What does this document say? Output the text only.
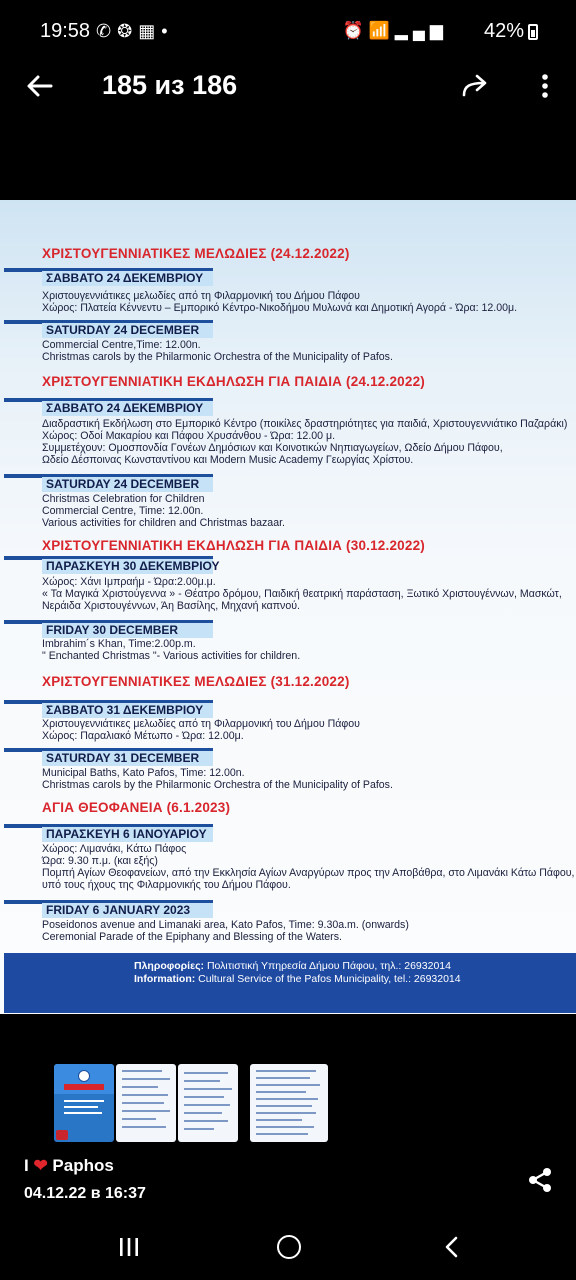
19:58 ✆❂▦•	⏰📶▂▄▆ 42%
185 из 186
ΧΡΙΣΤΟΥΓΕΝΝΙΑΤΙΚΕΣ ΜΕΛΩΔΙΕΣ (24.12.2022)
ΣΑΒΒΑΤΟ 24 ΔΕΚΕΜΒΡΙΟΥ
Χριστουγεννιάτικες μελωδίες από τη Φιλαρμονική του Δήμου Πάφου
Χώρος: Πλατεία Κέννεντυ – Εμπορικό Κέντρο-Νικοδήμου Μυλωνά και Δημοτική Αγορά - Ώρα: 12.00μ.
SATURDAY 24 DECEMBER
Commercial Centre,Time: 12.00n.
Christmas carols by the Philarmonic Orchestra of the Municipality of Pafos.
ΧΡΙΣΤΟΥΓΕΝΝΙΑΤΙΚΗ ΕΚΔΗΛΩΣΗ ΓΙΑ ΠΑΙΔΙΑ (24.12.2022)
ΣΑΒΒΑΤΟ 24 ΔΕΚΕΜΒΡΙΟΥ
Διαδραστική Εκδήλωση στο Εμπορικό Κέντρο (ποικίλες δραστηριότητες για παιδιά, Χριστουγεννιάτικο Παζαράκι)
Χώρος: Οδοί Μακαρίου και Πάφου Χρυσάνθου - Ώρα: 12.00 μ.
Συμμετέχουν: Ομοσπονδία Γονέων Δημόσιων και Κοινοτικών Νηπιαγωγείων, Ωδείο Δήμου Πάφου,
Ωδείο Δέσποινας Κωνσταντίνου και Modern Music Academy Γεωργίας Χρίστου.
SATURDAY 24 DECEMBER
Christmas Celebration for Children
Commercial Centre, Time: 12.00n.
Various activities for children and Christmas bazaar.
ΧΡΙΣΤΟΥΓΕΝΝΙΑΤΙΚΗ ΕΚΔΗΛΩΣΗ ΓΙΑ ΠΑΙΔΙΑ (30.12.2022)
ΠΑΡΑΣΚΕΥΗ 30 ΔΕΚΕΜΒΡΙΟΥ
Χώρος: Χάνι Ιμπραήμ - Ώρα:2.00μ.μ.
« Τα Μαγικά Χριστούγεννα » - Θέατρο δρόμου, Παιδική θεατρική παράσταση, Ξωτικό Χριστουγέννων, Μασκώτ,
Νεράιδα Χριστουγέννων, Άη Βασίλης, Μηχανή καπνού.
FRIDAY 30 DECEMBER
Imbrahim´s Khan, Time:2.00p.m.
" Enchanted Christmas "- Various activities for children.
ΧΡΙΣΤΟΥΓΕΝΝΙΑΤΙΚΕΣ ΜΕΛΩΔΙΕΣ (31.12.2022)
ΣΑΒΒΑΤΟ 31 ΔΕΚΕΜΒΡΙΟΥ
Χριστουγεννιάτικες μελωδίες από τη Φιλαρμονική του Δήμου Πάφου
Χώρος: Παραλιακό Μέτωπο - Ώρα: 12.00μ.
SATURDAY 31 DECEMBER
Municipal Baths, Kato Pafos, Time: 12.00n.
Christmas carols by the Philarmonic Orchestra of the Municipality of Pafos.
ΑΓΙΑ ΘΕΟΦΑΝΕΙΑ (6.1.2023)
ΠΑΡΑΣΚΕΥΗ 6 ΙΑΝΟΥΑΡΙΟΥ
Χώρος: Λιμανάκι, Κάτω Πάφος
Ώρα: 9.30 π.μ. (και εξής)
Πομπή Αγίων Θεοφανείων, από την Εκκλησία Αγίων Αναργύρων προς την Αποβάθρα, στο Λιμανάκι Κάτω Πάφου,
υπό τους ήχους της Φιλαρμονικής του Δήμου Πάφου.
FRIDAY 6 JANUARY 2023
Poseidonos avenue and Limanaki area, Kato Pafos, Time: 9.30a.m. (onwards)
Ceremonial Parade of the Epiphany and Blessing of the Waters.
Πληροφορίες: Πολιτιστική Υπηρεσία Δήμου Πάφου, τηλ.: 26932014
Information: Cultural Service of the Pafos Municipality, tel.: 26932014
I ❤ Paphos
04.12.22 в 16:37
